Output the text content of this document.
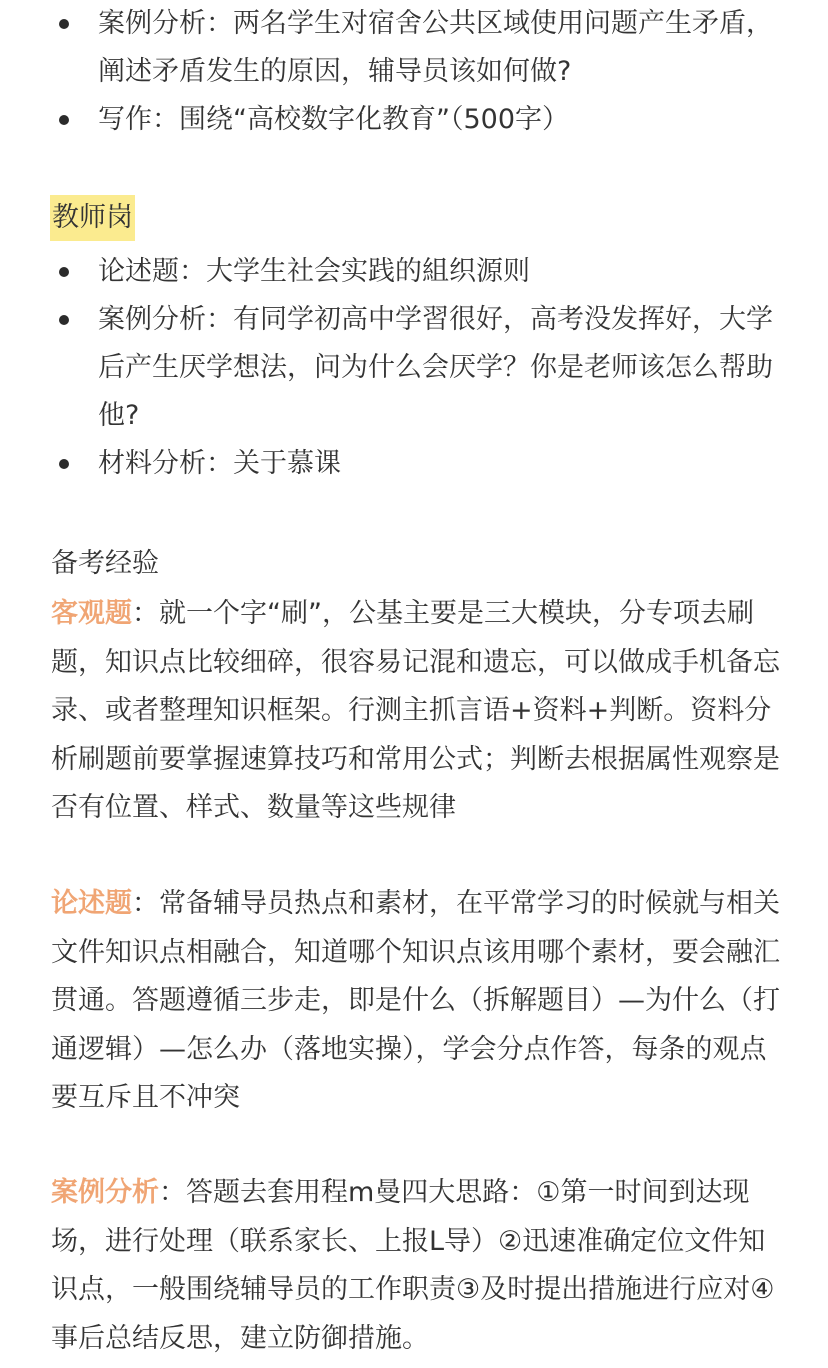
案例分析：两名学生对宿舍公共区域使用问题产生矛盾，阐述矛盾发生的原因，辅导员该如何做?
写作：围绕“高校数字化教育”（500字）
教师岗
论述题：大学生社会实践的組织源则
案例分析：有同学初高中学習很好，高考没发挥好，大学后产生厌学想法，问为什么会厌学？你是老师该怎么帮助他?
材料分析：关于慕课
备考经验
客观题：就一个字“刷”，公基主要是三大模块，分专项去刷题，知识点比较细碎，很容易记混和遗忘，可以做成手机备忘录、或者整理知识框架。行测主抓言语+资料+判断。资料分析刷题前要掌握速算技巧和常用公式；判断去根据属性观察是否有位置、样式、数量等这些规律
论述题：常备辅导员热点和素材，在平常学习的时候就与相关文件知识点相融合，知道哪个知识点该用哪个素材，要会融汇贯通。答题遵循三步走，即是什么（拆解题目）—为什么（打通逻辑）—怎么办（落地实操），学会分点作答，每条的观点要互斥且不冲突
案例分析：答题去套用程m曼四大思路：①第一时间到达现场，进行处理（联系家长、上报L导）②迅速准确定位文件知识点，一般围绕辅导员的工作职责③及时提出措施进行应对④事后总结反思，建立防御措施。
